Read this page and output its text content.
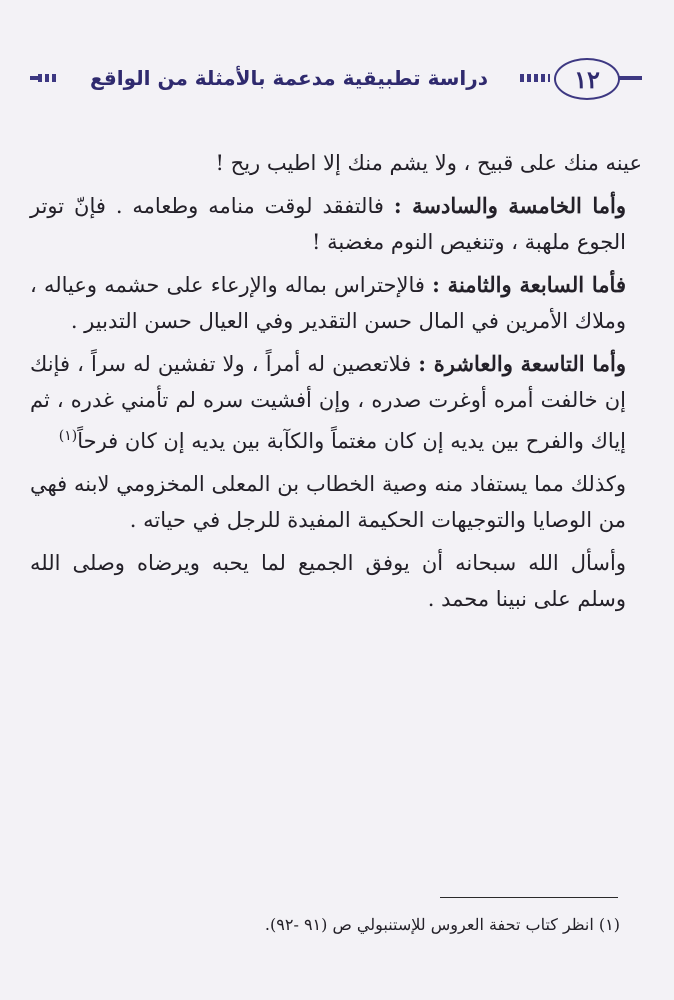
دراسة تطبيقية مدعمة بالأمثلة من الواقع	١٢

عينه منك على قبيح ، ولا يشم منك إلا اطيب ريح !

وأما الخامسة والسادسة : فالتفقد لوقت منامه وطعامه . فإنّ توتر الجوع ملهبة ، وتنغيص النوم مغضبة !

فأما السابعة والثامنة : فالإحتراس بماله والإرعاء على حشمه وعياله ، وملاك الأمرين في المال حسن التقدير وفي العيال حسن التدبير .

وأما التاسعة والعاشرة : فلاتعصين له أمراً ، ولا تفشين له سراً ، فإنك إن خالفت أمره أوغرت صدره ، وإن أفشيت سره لم تأمني غدره ، ثم إياك والفرح بين يديه إن كان مغتماً والكآبة بين يديه إن كان فرحاً$^{(١)}$

وكذلك مما يستفاد منه وصية الخطاب بن المعلى المخزومي لابنه فهي من الوصايا والتوجيهات الحكيمة المفيدة للرجل في حياته .

وأسأل الله سبحانه أن يوفق الجميع لما يحبه ويرضاه وصلى الله وسلم على نبينا محمد .

(١) انظر كتاب تحفة العروس للإستنبولي ص (٩١ -٩٢).
